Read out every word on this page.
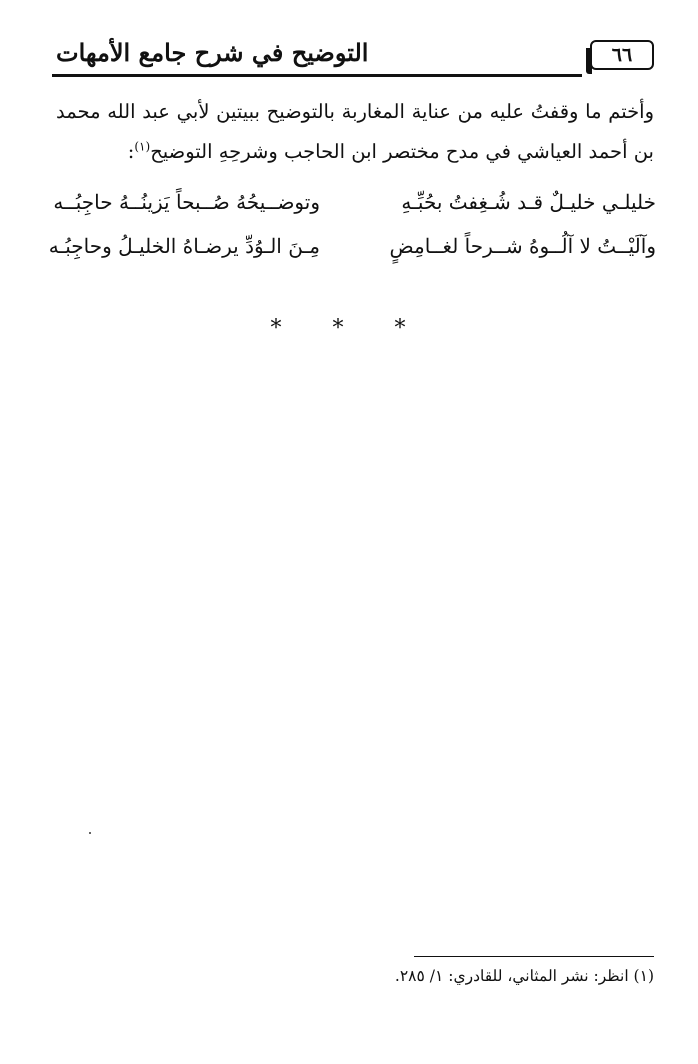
٦٦
التوضيح في شرح جامع الأمهات

وأختم ما وقفتُ عليه من عناية المغاربة بالتوضيح ببيتين لأبي عبد الله محمد بن أحمد العياشي في مدح مختصر ابن الحاجب وشرحِهِ التوضيح$^{(١)}$:

خليلـي خليـلٌ قـد شُـغِفتُ بحُبِّـهِ
وتوضــيحُهُ صُــبحاً يَزينُــهُ حاجِبُــه
وآلَيْــتُ لا آلُــوهُ شــرحاً لغــامِضٍ
مِـنَ الـوُدِّ يرضـاهُ الخليـلُ وحاجِبُـه
* * *
(١) انظر: نشر المثاني، للقادري: ١/ ٢٨٥.
